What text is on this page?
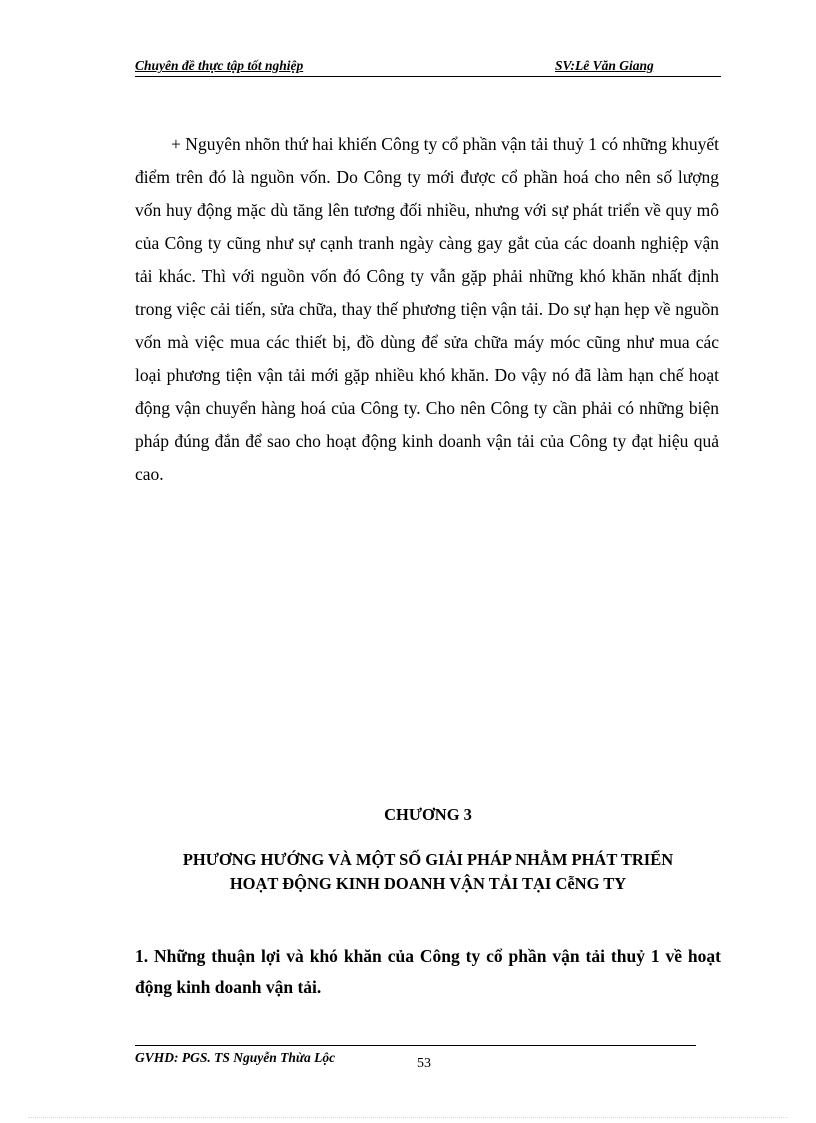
Chuyên đề thực tập tốt nghiệp	SV:Lê Văn Giang

+ Nguyên nhõn thứ hai khiến Công ty cổ phần vận tải thuỷ 1 có những khuyết điểm trên đó là nguồn vốn. Do Công ty mới được cổ phần hoá cho nên số lượng vốn huy động mặc dù tăng lên tương đối nhiều, nhưng với sự phát triển về quy mô của Công ty cũng như sự cạnh tranh ngày càng gay gắt của các doanh nghiệp vận tải khác. Thì với nguồn vốn đó Công ty vẫn gặp phải những khó khăn nhất định trong việc cải tiến, sửa chữa, thay thế phương tiện vận tải. Do sự hạn hẹp về nguồn vốn mà việc mua các thiết bị, đồ dùng để sửa chữa máy móc cũng như mua các loại phương tiện vận tải mới gặp nhiều khó khăn. Do vậy nó đã làm hạn chế hoạt động vận chuyển hàng hoá của Công ty. Cho nên Công ty cần phải có những biện pháp đúng đắn để sao cho hoạt động kinh doanh vận tải của Công ty đạt hiệu quả cao.

CHƯƠNG 3
PHƯƠNG HƯỚNG VÀ MỘT SỐ GIẢI PHÁP NHẰM PHÁT TRIỂN
HOẠT ĐỘNG KINH DOANH VẬN TẢI TẠI CễNG TY

1. Những thuận lợi và khó khăn của Công ty cổ phần vận tải thuỷ 1 về hoạt động kinh doanh vận tải.

GVHD: PGS. TS Nguyễn Thừa Lộc	53
